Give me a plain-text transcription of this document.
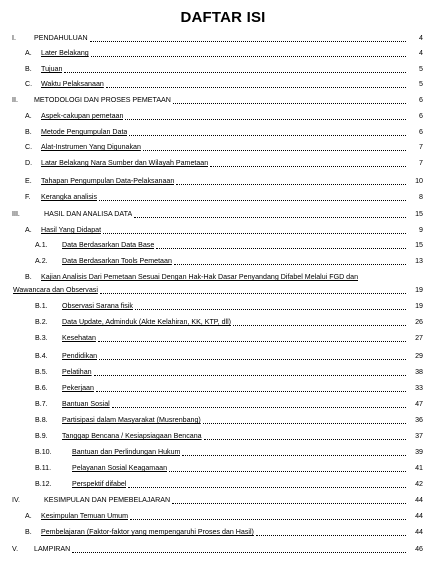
DAFTAR ISI
I.	PENDAHULUAN	4
A. Later Belakang	4
B. Tujuan	5
C. Waktu Pelaksanaan	5
II. METODOLOGI DAN PROSES PEMETAAN	6
A. Aspek-cakupan pemetaan	6
B. Metode Pengumpulan Data	6
C. Alat-Instrumen Yang Digunakan	7
D. Latar Belakang Nara Sumber dan Wilayah Pametaan	7
E. Tahapan Pengumpulan Data-Pelaksanaan	10
F. Kerangka analisis	8
III.	HASIL DAN ANALISA DATA	15
A. Hasil Yang Didapat	9
A.1. Data Berdasarkan Data Base	15
A.2. Data Berdasarkan Tools Pemetaan	13
B. Kajian Analisis Dari Pemetaan Sesuai Dengan Hak-Hak Dasar Penyandang Difabel Melalui FGD dan
Wawancara dan Observasi	19
B.1. Observasi Sarana fisik	19
B.2. Data Update, Adminduk (Akte Kelahiran, KK, KTP, dll)	26
B.3. Kesehatan	27
B.4. Pendidikan	29
B.5. Pelatihan	38
B.6. Pekerjaan	33
B.7. Bantuan Sosial	47
B.8. Partisipasi dalam Masyarakat (Musrenbang)	36
B.9. Tanggap Bencana / Kesiapsiagaan Bencana	37
B.10.	Bantuan dan Perlindungan Hukum	39
B.11.	Pelayanan Sosial Keagamaan	41
B.12.	Perspektif difabel	42
IV.	KESIMPULAN DAN PEMEBELAJARAN	44
A. Kesimpulan Temuan Umum	44
B. Pembelajaran (Faktor-faktor yang mempengaruhi Proses dan Hasil)	44
V. LAMPIRAN	46
